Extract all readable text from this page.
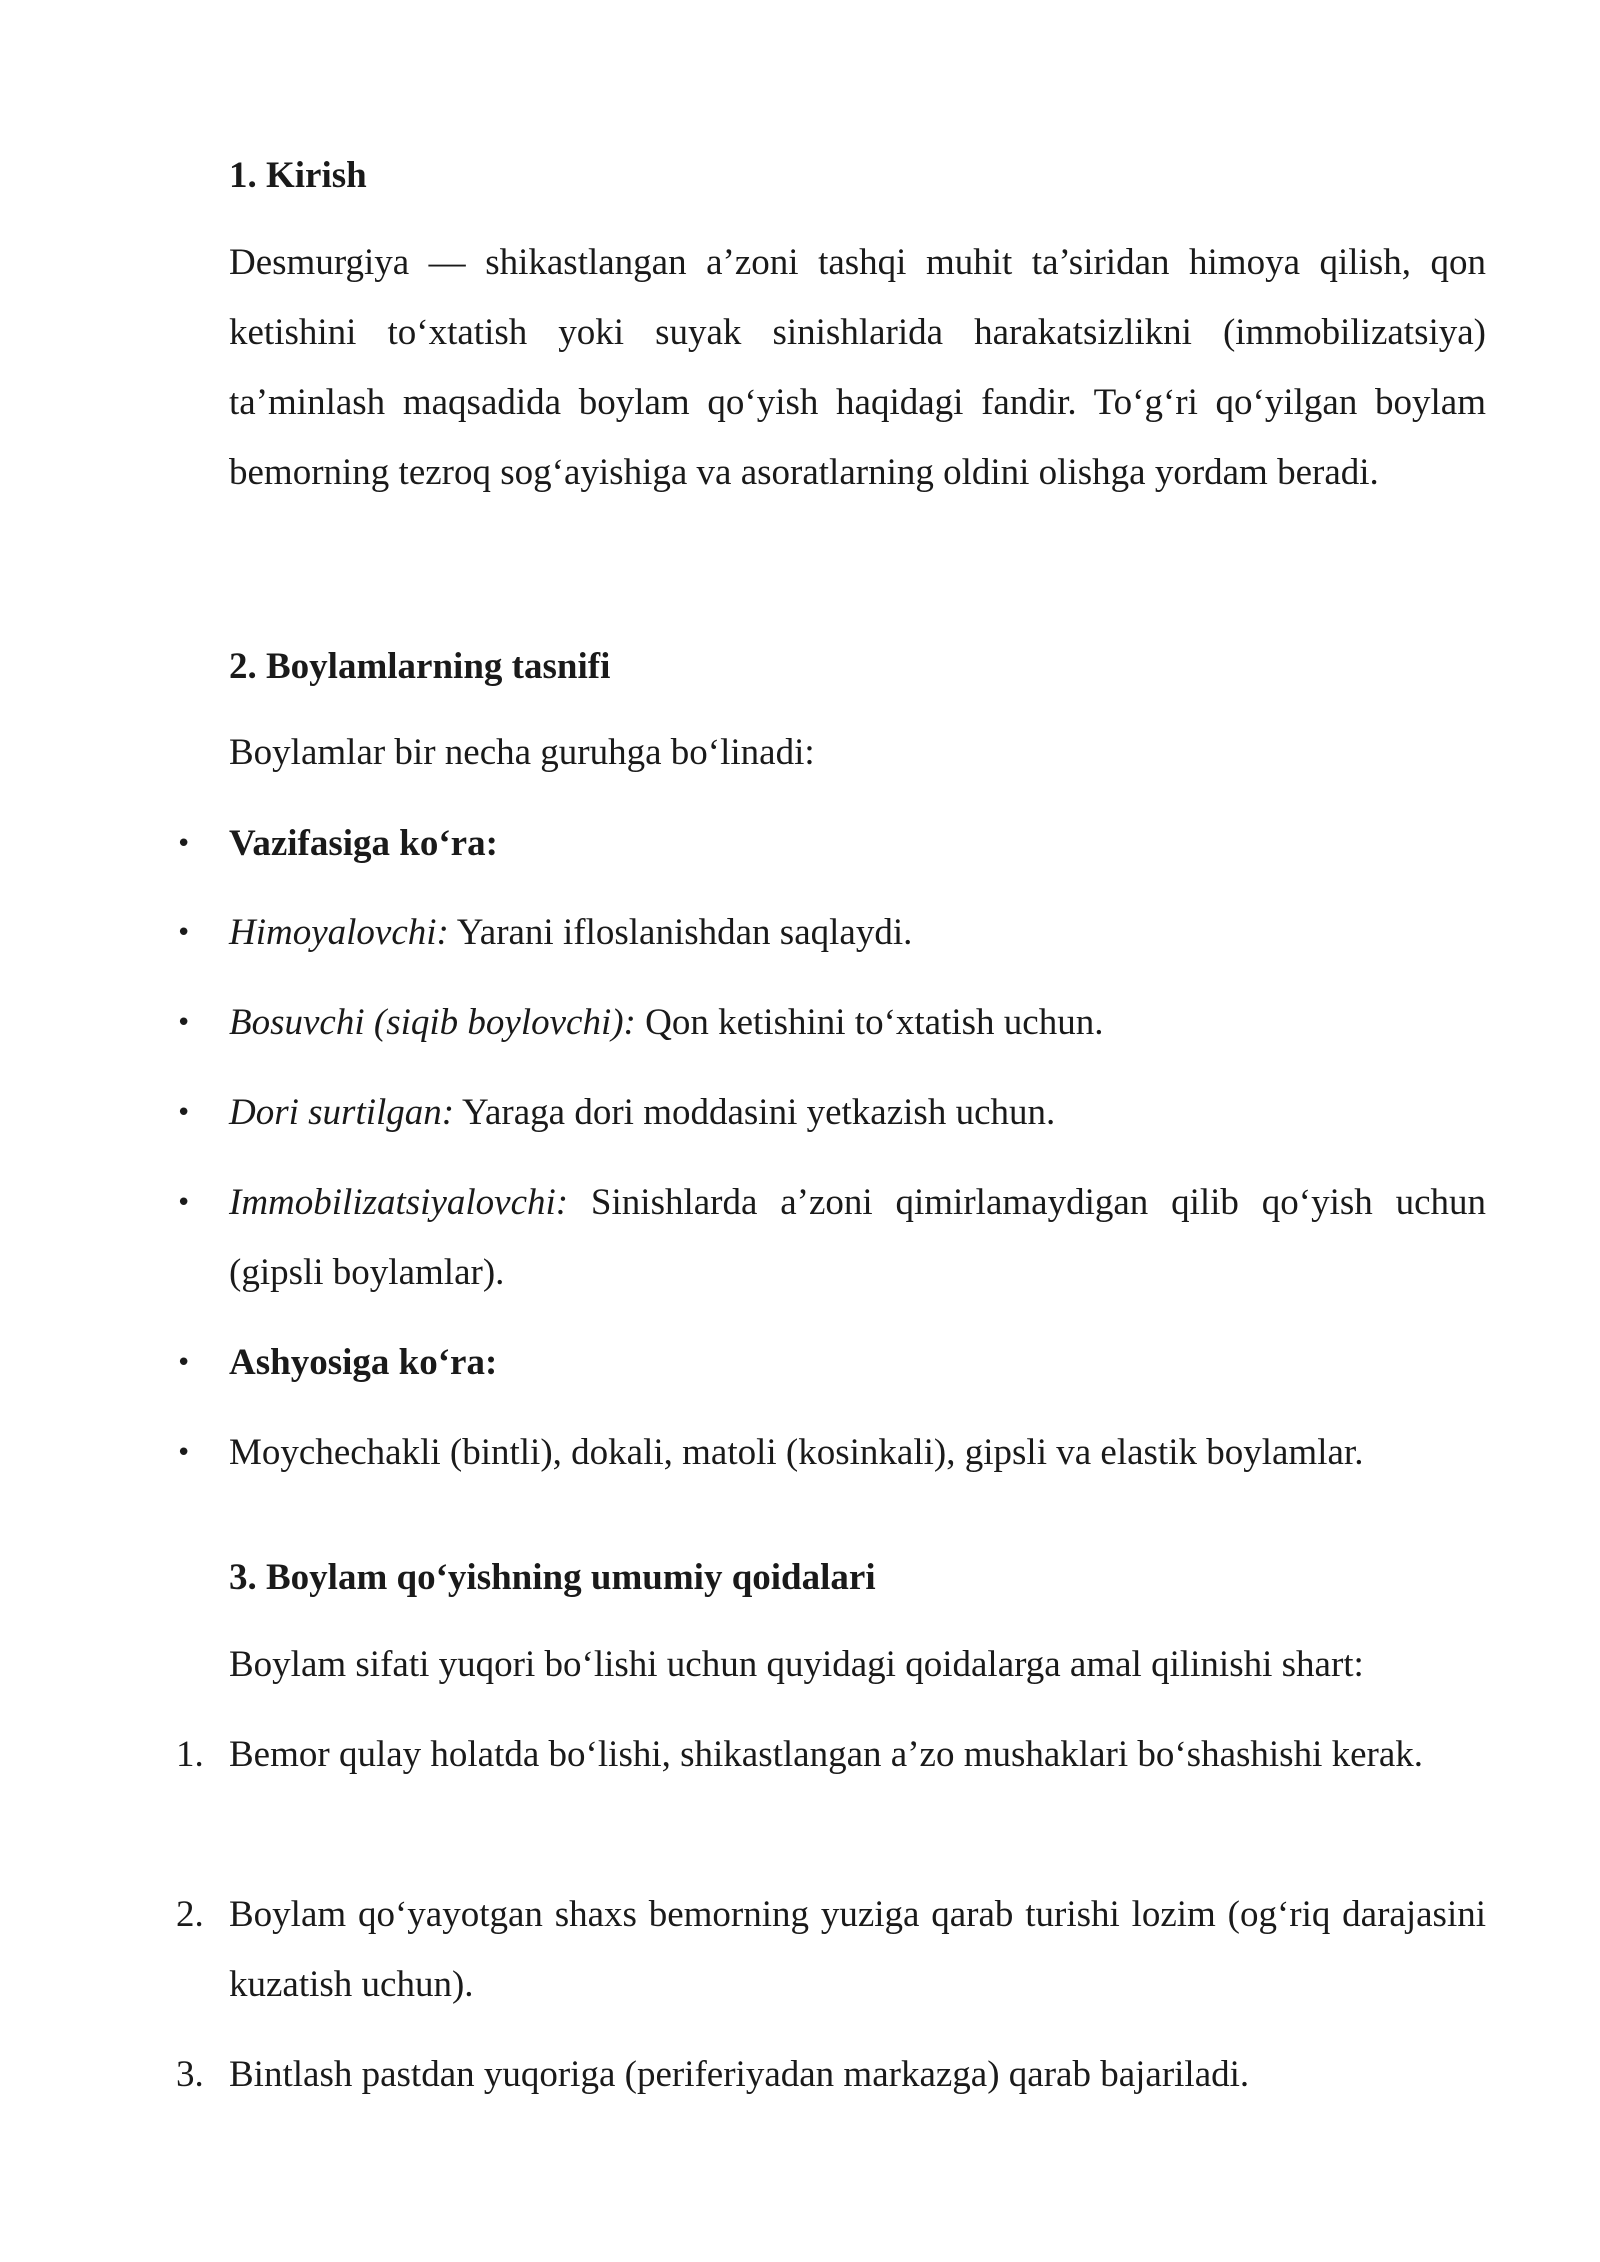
1. Kirish
Desmurgiya — shikastlangan a’zoni tashqi muhit ta’siridan himoya qilish, qon ketishini to‘xtatish yoki suyak sinishlarida harakatsizlikni (immobilizatsiya) ta’minlash maqsadida boylam qo‘yish haqidagi fandir. To‘g‘ri qo‘yilgan boylam bemorning tezroq sog‘ayishiga va asoratlarning oldini olishga yordam beradi.
2. Boylamlarning tasnifi
Boylamlar bir necha guruhga bo‘linadi:
• Vazifasiga ko‘ra:
• Himoyalovchi: Yarani ifloslanishdan saqlaydi.
• Bosuvchi (siqib boylovchi): Qon ketishini to‘xtatish uchun.
• Dori surtilgan: Yaraga dori moddasini yetkazish uchun.
• Immobilizatsiyalovchi: Sinishlarda a’zoni qimirlamaydigan qilib qo‘yish uchun (gipsli boylamlar).
• Ashyosiga ko‘ra:
• Moychechakli (bintli), dokali, matoli (kosinkali), gipsli va elastik boylamlar.
3. Boylam qo‘yishning umumiy qoidalari
Boylam sifati yuqori bo‘lishi uchun quyidagi qoidalarga amal qilinishi shart:
1. Bemor qulay holatda bo‘lishi, shikastlangan a’zo mushaklari bo‘shashishi kerak.
2. Boylam qo‘yayotgan shaxs bemorning yuziga qarab turishi lozim (og‘riq darajasini kuzatish uchun).
3. Bintlash pastdan yuqoriga (periferiyadan markazga) qarab bajariladi.
